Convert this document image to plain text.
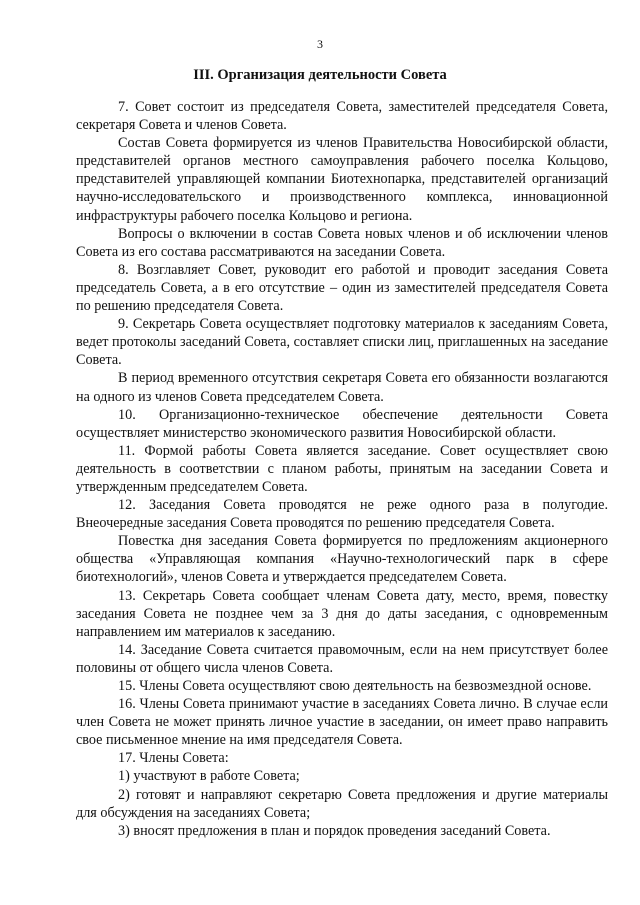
3
III. Организация деятельности Совета

7. Совет состоит из председателя Совета, заместителей председателя Совета, секретаря Совета и членов Совета.

Состав Совета формируется из членов Правительства Новосибирской области, представителей органов местного самоуправления рабочего поселка Кольцово, представителей управляющей компании Биотехнопарка, представителей организаций научно-исследовательского и производственного комплекса, инновационной инфраструктуры рабочего поселка Кольцово и региона.

Вопросы о включении в состав Совета новых членов и об исключении членов Совета из его состава рассматриваются на заседании Совета.

8. Возглавляет Совет, руководит его работой и проводит заседания Совета председатель Совета, а в его отсутствие – один из заместителей председателя Совета по решению председателя Совета.

9. Секретарь Совета осуществляет подготовку материалов к заседаниям Совета, ведет протоколы заседаний Совета, составляет списки лиц, приглашенных на заседание Совета.

В период временного отсутствия секретаря Совета его обязанности возлагаются на одного из членов Совета председателем Совета.

10. Организационно-техническое обеспечение деятельности Совета осуществляет министерство экономического развития Новосибирской области.

11. Формой работы Совета является заседание. Совет осуществляет свою деятельность в соответствии с планом работы, принятым на заседании Совета и утвержденным председателем Совета.

12. Заседания Совета проводятся не реже одного раза в полугодие. Внеочередные заседания Совета проводятся по решению председателя Совета.

Повестка дня заседания Совета формируется по предложениям акционерного общества «Управляющая компания «Научно-технологический парк в сфере биотехнологий», членов Совета и утверждается председателем Совета.

13. Секретарь Совета сообщает членам Совета дату, место, время, повестку заседания Совета не позднее чем за 3 дня до даты заседания, с одновременным направлением им материалов к заседанию.

14. Заседание Совета считается правомочным, если на нем присутствует более половины от общего числа членов Совета.

15. Члены Совета осуществляют свою деятельность на безвозмездной основе.

16. Члены Совета принимают участие в заседаниях Совета лично. В случае если член Совета не может принять личное участие в заседании, он имеет право направить свое письменное мнение на имя председателя Совета.

17. Члены Совета:

1) участвуют в работе Совета;

2) готовят и направляют секретарю Совета предложения и другие материалы для обсуждения на заседаниях Совета;

3) вносят предложения в план и порядок проведения заседаний Совета.
